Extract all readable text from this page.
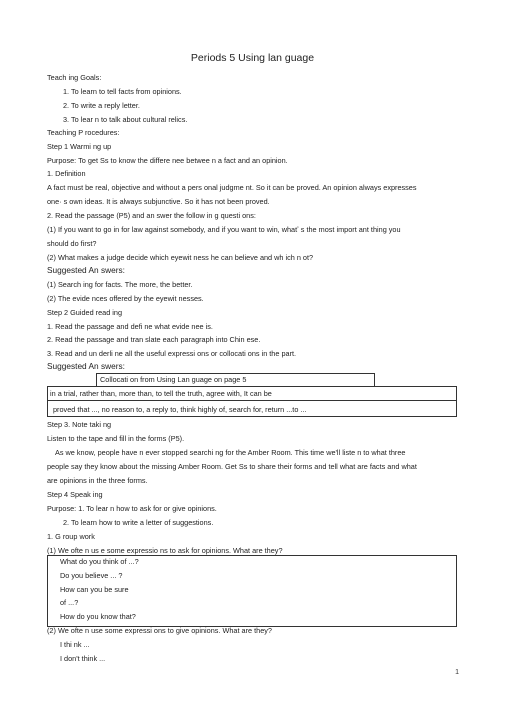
Periods 5 Using lan guage
Teach ing Goals:
1. To learn to tell facts from opinions.
2. To write a reply letter.
3. To lear n to talk about cultural relics.
Teaching P rocedures:
Step 1 Warmi ng up
Purpose: To get Ss to know the differe nee betwee n a fact and an opinion.
1. Definition
A fact must be real, objective and without a pers onal judgme nt. So it can be proved. An opinion always expresses
one· s own ideas. It is always subjunctive. So it has not been proved.
2. Read the passage (P5) and an swer the follow in g questi ons:
(1) If you want to go in for law against somebody, and if you want to win, whatʼ s the most import ant thing you
should do first?
(2) What makes a judge decide which eyewit ness he can believe and wh ich n ot?
Suggested An swers:
(1) Search ing for facts. The more, the better.
(2) The evide nces offered by the eyewit nesses.
Step 2 Guided read ing
1. Read the passage and defi ne what evide nee is.
2. Read the passage and tran slate each paragraph into Chin ese.
3. Read and un derli ne all the useful expressi ons or collocati ons in the part.
Suggested An swers:
Collocati on from Using Lan guage on page 5
in a trial, rather than, more than, to tell the truth, agree with, It can be
proved that ..., no reason to, a reply to, think highly of, search for, return ...to ...
Step 3. Note taki ng
Listen to the tape and fill in the forms (P5).
As we know, people have n ever stopped searchi ng for the Amber Room. This time we'll liste n to what three
people say they know about the missing Amber Room. Get Ss to share their forms and tell what are facts and what
are opinions in the three forms.
Step 4 Speak ing
Purpose: 1. To lear n how to ask for or give opinions.
2. To learn how to write a letter of suggestions.
1. G roup work
(1) We ofte n us e some expressio ns to ask for opinions. What are they?
What do you think of ...?
Do you believe ... ?
How can you be sure
of ...?
How do you know that?
(2) We ofte n use some expressi ons to give opinions. What are they?
I thi nk ...
I don't think ...
1
